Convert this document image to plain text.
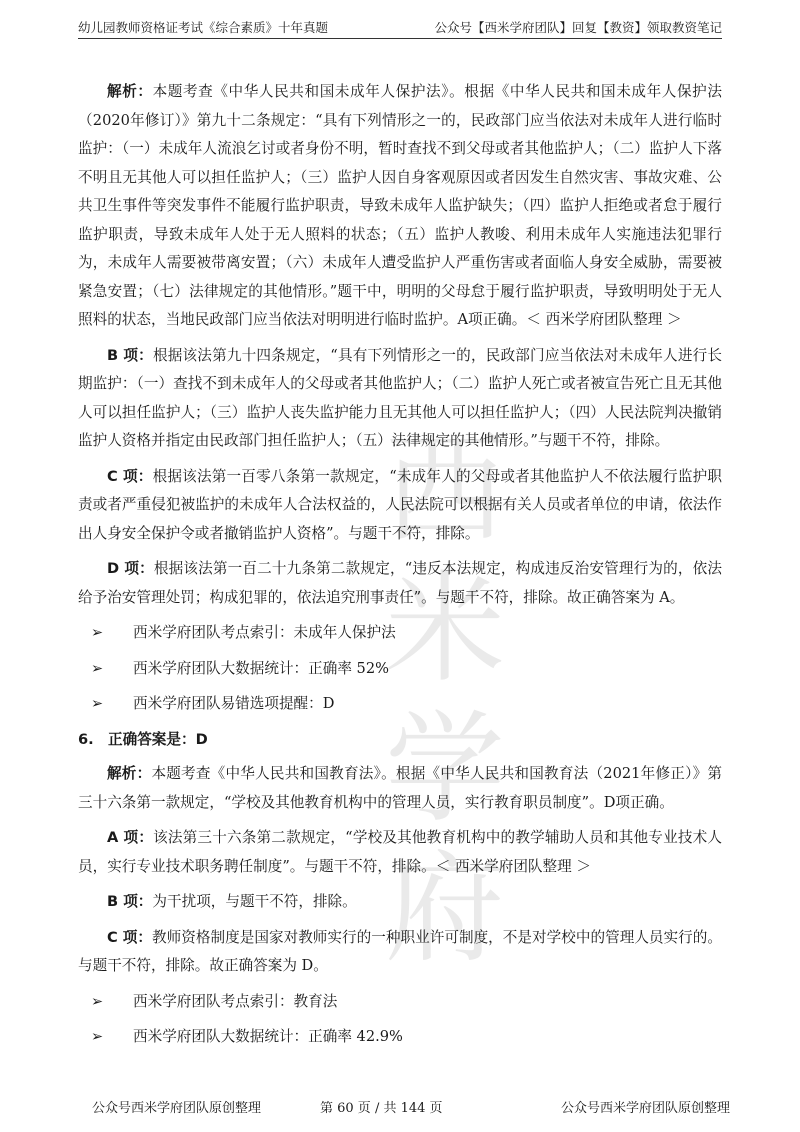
幼儿园教师资格证考试《综合素质》十年真题	公众号【西米学府团队】回复【教资】领取教资笔记
西米学府

解析：本题考查《中华人民共和国未成年人保护法》。根据《中华人民共和国未成年人保护法（2020年修订）》第九十二条规定：“具有下列情形之一的，民政部门应当依法对未成年人进行临时监护：（一）未成年人流浪乞讨或者身份不明，暂时查找不到父母或者其他监护人；（二）监护人下落不明且无其他人可以担任监护人；（三）监护人因自身客观原因或者因发生自然灾害、事故灾难、公共卫生事件等突发事件不能履行监护职责，导致未成年人监护缺失；（四）监护人拒绝或者怠于履行监护职责，导致未成年人处于无人照料的状态；（五）监护人教唆、利用未成年人实施违法犯罪行为，未成年人需要被带离安置；（六）未成年人遭受监护人严重伤害或者面临人身安全威胁，需要被紧急安置；（七）法律规定的其他情形。”题干中，明明的父母怠于履行监护职责，导致明明处于无人照料的状态，当地民政部门应当依法对明明进行临时监护。A项正确。＜ 西米学府团队整理 ＞

B 项：根据该法第九十四条规定，“具有下列情形之一的，民政部门应当依法对未成年人进行长期监护：（一）查找不到未成年人的父母或者其他监护人；（二）监护人死亡或者被宣告死亡且无其他人可以担任监护人；（三）监护人丧失监护能力且无其他人可以担任监护人；（四）人民法院判决撤销监护人资格并指定由民政部门担任监护人；（五）法律规定的其他情形。”与题干不符，排除。

C 项：根据该法第一百零八条第一款规定，“未成年人的父母或者其他监护人不依法履行监护职责或者严重侵犯被监护的未成年人合法权益的，人民法院可以根据有关人员或者单位的申请，依法作出人身安全保护令或者撤销监护人资格”。与题干不符，排除。

D 项：根据该法第一百二十九条第二款规定，“违反本法规定，构成违反治安管理行为的，依法给予治安管理处罚；构成犯罪的，依法追究刑事责任”。与题干不符，排除。故正确答案为 A。

➢ 西米学府团队考点索引：未成年人保护法
➢ 西米学府团队大数据统计：正确率 52%
➢ 西米学府团队易错选项提醒：D
6. 正确答案是：D

解析：本题考查《中华人民共和国教育法》。根据《中华人民共和国教育法（2021年修正）》第三十六条第一款规定，“学校及其他教育机构中的管理人员，实行教育职员制度”。D项正确。

A 项：该法第三十六条第二款规定，“学校及其他教育机构中的教学辅助人员和其他专业技术人员，实行专业技术职务聘任制度”。与题干不符，排除。＜ 西米学府团队整理 ＞

B 项：为干扰项，与题干不符，排除。

C 项：教师资格制度是国家对教师实行的一种职业许可制度，不是对学校中的管理人员实行的。与题干不符，排除。故正确答案为 D。

➢ 西米学府团队考点索引：教育法
➢ 西米学府团队大数据统计：正确率 42.9%
公众号西米学府团队原创整理	第 60 页 / 共 144 页	公众号西米学府团队原创整理
